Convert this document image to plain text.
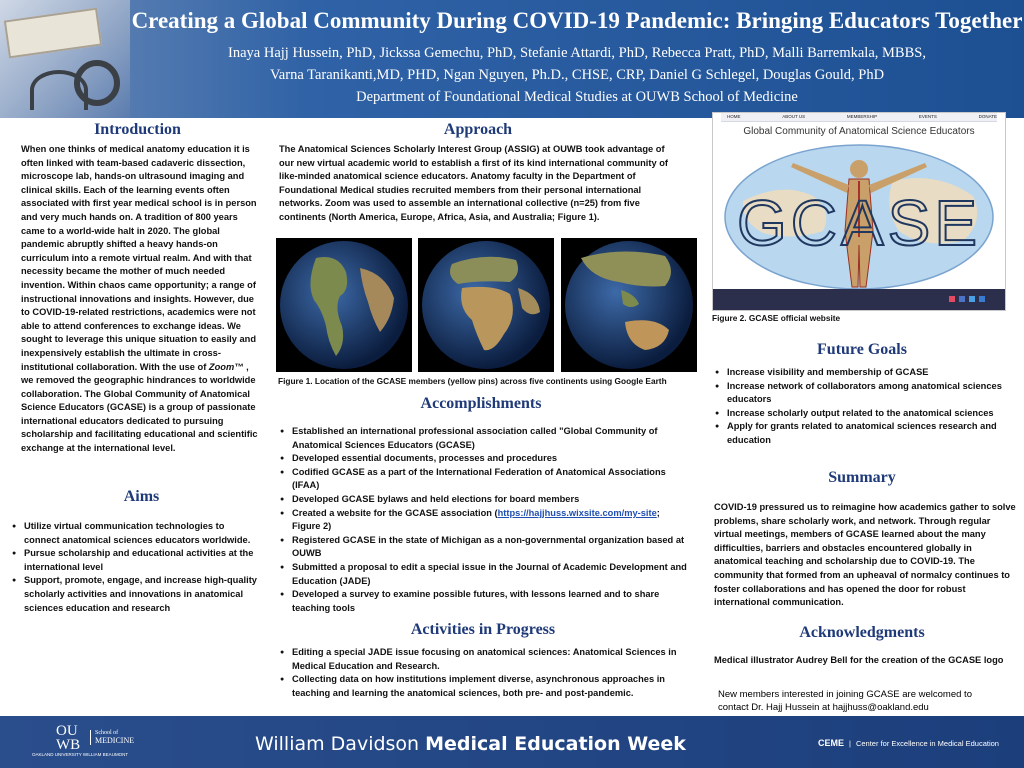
Creating a Global Community During COVID-19 Pandemic: Bringing Educators Together
Inaya Hajj Hussein, PhD, Jickssa Gemechu, PhD, Stefanie Attardi, PhD, Rebecca Pratt, PhD, Malli Barremkala, MBBS,
Varna Taranikanti,MD, PHD, Ngan Nguyen, Ph.D., CHSE, CRP, Daniel G Schlegel, Douglas Gould, PhD
Department of Foundational Medical Studies at OUWB School of Medicine
Introduction
When one thinks of medical anatomy education it is often linked with team-based cadaveric dissection, microscope lab, hands-on ultrasound imaging and clinical skills. Each of the learning events often associated with first year medical school is in person and very much hands on. A tradition of 800 years came to a world-wide halt in 2020. The global pandemic abruptly shifted a heavy hands-on curriculum into a remote virtual realm. And with that necessity became the mother of much needed invention. Within chaos came opportunity; a range of instructional innovations and insights. However, due to COVID-19-related restrictions, academics were not able to attend conferences to exchange ideas. We sought to leverage this unique situation to easily and inexpensively establish the ultimate in cross-institutional collaboration. With the use of Zoom™ , we removed the geographic hindrances to worldwide collaboration. The Global Community of Anatomical Science Educators (GCASE) is a group of passionate international educators dedicated to pursuing scholarship and facilitating educational and scientific exchange at the international level.
Aims
● Utilize virtual communication technologies to connect anatomical sciences educators worldwide.
● Pursue scholarship and educational activities at the international level
● Support, promote, engage, and increase high-quality scholarly activities and innovations in anatomical sciences education and research
Approach
The Anatomical Sciences Scholarly Interest Group (ASSIG) at OUWB took advantage of our new virtual academic world to establish a first of its kind international community of like-minded anatomical science educators. Anatomy faculty in the Department of Foundational Medical studies recruited members from their personal international networks. Zoom was used to assemble an international collective (n=25) from five continents (North America, Europe, Africa, Asia, and Australia; Figure 1).
Figure 1. Location of the GCASE members (yellow pins) across five continents using Google Earth
Accomplishments
● Established an international professional association called "Global Community of Anatomical Sciences Educators (GCASE)
● Developed essential documents, processes and procedures
● Codified GCASE as a part of the International Federation of Anatomical Associations (IFAA)
● Developed GCASE bylaws and held elections for board members
● Created a website for the GCASE association (https://hajjhuss.wixsite.com/my-site; Figure 2)
● Registered GCASE in the state of Michigan as a non-governmental organization based at OUWB
● Submitted a proposal to edit a special issue in the Journal of Academic Development and Education (JADE)
● Developed a survey to examine possible futures, with lessons learned and to share teaching tools
Activities in Progress
● Editing a special JADE issue focusing on anatomical sciences: Anatomical Sciences in Medical Education and Research.
● Collecting data on how institutions implement diverse, asynchronous approaches in teaching and learning the anatomical sciences, both pre- and post-pandemic.
HOME	ABOUT US	MEMBERSHIP	EVENTS	DONATE
Global Community of Anatomical Science Educators
GCASE
Figure 2. GCASE official website
Future Goals
● Increase visibility and membership of GCASE
● Increase network of collaborators among anatomical sciences educators
● Increase scholarly output related to the anatomical sciences
● Apply for grants related to anatomical sciences research and education
Summary
COVID-19 pressured us to reimagine how academics gather to solve problems, share scholarly work, and network. Through regular virtual meetings, members of GCASE learned about the many difficulties, barriers and obstacles encountered globally in anatomical teaching and scholarship due to COVID-19. The community that formed from an upheaval of normalcy continues to foster collaborations and has opened the door for robust international communication.
Acknowledgments
Medical illustrator Audrey Bell for the creation of the GCASE logo
New members interested in joining GCASE are welcomed to
contact Dr. Hajj Hussein at hajjhuss@oakland.edu
OU
WB
School of
MEDICINE
OAKLAND UNIVERSITY WILLIAM BEAUMONT	William Davidson Medical Education Week	CEME | Center for Excellence in Medical Education
